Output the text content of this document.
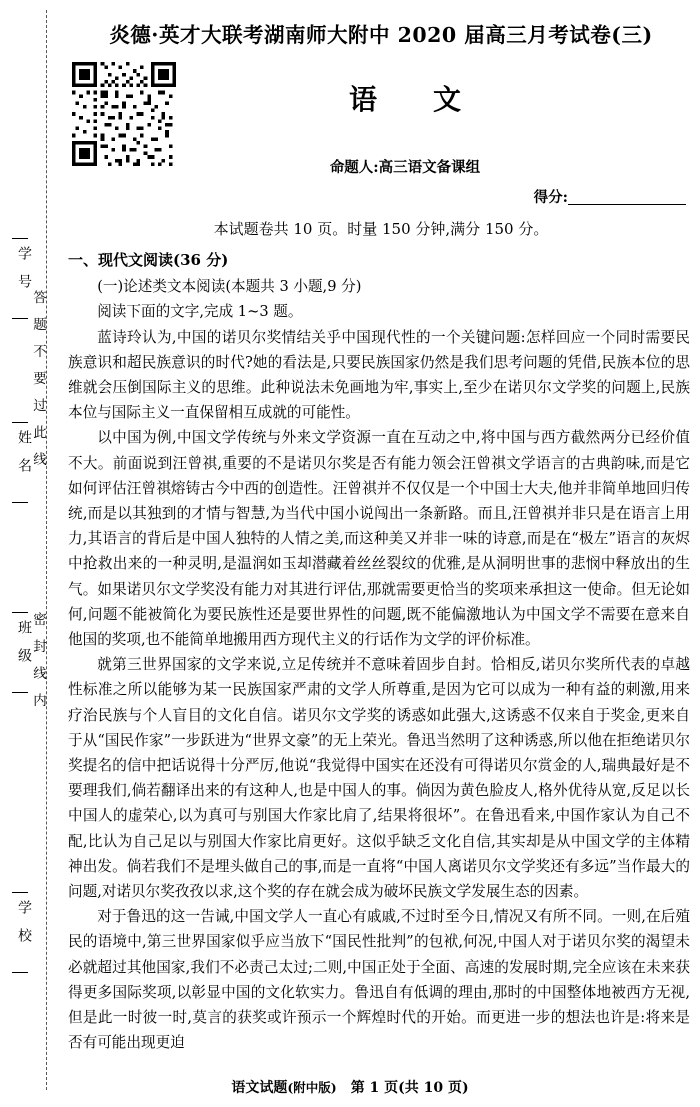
学　号
姓　名
班　级
学　校
答　题　不　要　过　此　线
密　封　线　内
炎德·英才大联考湖南师大附中 2020 届高三月考试卷(三)
语　文
命题人:高三语文备课组
得分:
本试题卷共 10 页。时量 150 分钟,满分 150 分。

一、现代文阅读(36 分)

(一)论述类文本阅读(本题共 3 小题,9 分)

阅读下面的文字,完成 1~3 题。

蓝诗玲认为,中国的诺贝尔奖情结关乎中国现代性的一个关键问题:怎样回应一个同时需要民族意识和超民族意识的时代?她的看法是,只要民族国家仍然是我们思考问题的凭借,民族本位的思维就会压倒国际主义的思维。此种说法未免画地为牢,事实上,至少在诺贝尔文学奖的问题上,民族本位与国际主义一直保留相互成就的可能性。

以中国为例,中国文学传统与外来文学资源一直在互动之中,将中国与西方截然两分已经价值不大。前面说到汪曾祺,重要的不是诺贝尔奖是否有能力领会汪曾祺文学语言的古典韵味,而是它如何评估汪曾祺熔铸古今中西的创造性。汪曾祺并不仅仅是一个中国士大夫,他并非简单地回归传统,而是以其独到的才情与智慧,为当代中国小说闯出一条新路。而且,汪曾祺并非只是在语言上用力,其语言的背后是中国人独特的人情之美,而这种美又并非一味的诗意,而是在“极左”语言的灰烬中抢救出来的一种灵明,是温润如玉却潜藏着丝丝裂纹的优雅,是从洞明世事的悲悯中释放出的生气。如果诺贝尔文学奖没有能力对其进行评估,那就需要更恰当的奖项来承担这一使命。但无论如何,问题不能被简化为要民族性还是要世界性的问题,既不能偏激地认为中国文学不需要在意来自他国的奖项,也不能简单地搬用西方现代主义的行话作为文学的评价标准。

就第三世界国家的文学来说,立足传统并不意味着固步自封。恰相反,诺贝尔奖所代表的卓越性标准之所以能够为某一民族国家严肃的文学人所尊重,是因为它可以成为一种有益的刺激,用来疗治民族与个人盲目的文化自信。诺贝尔文学奖的诱惑如此强大,这诱惑不仅来自于奖金,更来自于从“国民作家”一步跃进为“世界文豪”的无上荣光。鲁迅当然明了这种诱惑,所以他在拒绝诺贝尔奖提名的信中把话说得十分严厉,他说“我觉得中国实在还没有可得诺贝尔赏金的人,瑞典最好是不要理我们,倘若翻译出来的有这种人,也是中国人的事。倘因为黄色脸皮人,格外优待从宽,反足以长中国人的虚荣心,以为真可与别国大作家比肩了,结果将很坏”。在鲁迅看来,中国作家认为自己不配,比认为自己足以与别国大作家比肩更好。这似乎缺乏文化自信,其实却是从中国文学的主体精神出发。倘若我们不是埋头做自己的事,而是一直将“中国人离诺贝尔文学奖还有多远”当作最大的问题,对诺贝尔奖孜孜以求,这个奖的存在就会成为破坏民族文学发展生态的因素。

对于鲁迅的这一告诫,中国文学人一直心有戚戚,不过时至今日,情况又有所不同。一则,在后殖民的语境中,第三世界国家似乎应当放下“国民性批判”的包袱,何况,中国人对于诺贝尔奖的渴望未必就超过其他国家,我们不必责己太过;二则,中国正处于全面、高速的发展时期,完全应该在未来获得更多国际奖项,以彰显中国的文化软实力。鲁迅自有低调的理由,那时的中国整体地被西方无视,但是此一时彼一时,莫言的获奖或许预示一个辉煌时代的开始。而更进一步的想法也许是:将来是否有可能出现更迫

语文试题(附中版)　 第 1 页(共 10 页)
